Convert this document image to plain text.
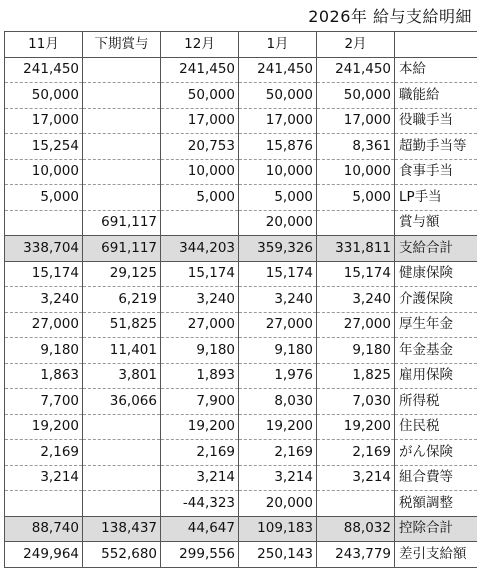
2026年 給与支給明細
11月	下期賞与	12月	1月	2月	
241,450		241,450	241,450	241,450	本給
50,000		50,000	50,000	50,000	職能給
17,000		17,000	17,000	17,000	役職手当
15,254		20,753	15,876	8,361	超勤手当等
10,000		10,000	10,000	10,000	食事手当
5,000		5,000	5,000	5,000	LP手当
	691,117		20,000		賞与額
338,704	691,117	344,203	359,326	331,811	支給合計
15,174	29,125	15,174	15,174	15,174	健康保険
3,240	6,219	3,240	3,240	3,240	介護保険
27,000	51,825	27,000	27,000	27,000	厚生年金
9,180	11,401	9,180	9,180	9,180	年金基金
1,863	3,801	1,893	1,976	1,825	雇用保険
7,700	36,066	7,900	8,030	7,030	所得税
19,200		19,200	19,200	19,200	住民税
2,169		2,169	2,169	2,169	がん保険
3,214		3,214	3,214	3,214	組合費等
		-44,323	20,000		税額調整
88,740	138,437	44,647	109,183	88,032	控除合計
249,964	552,680	299,556	250,143	243,779	差引支給額
